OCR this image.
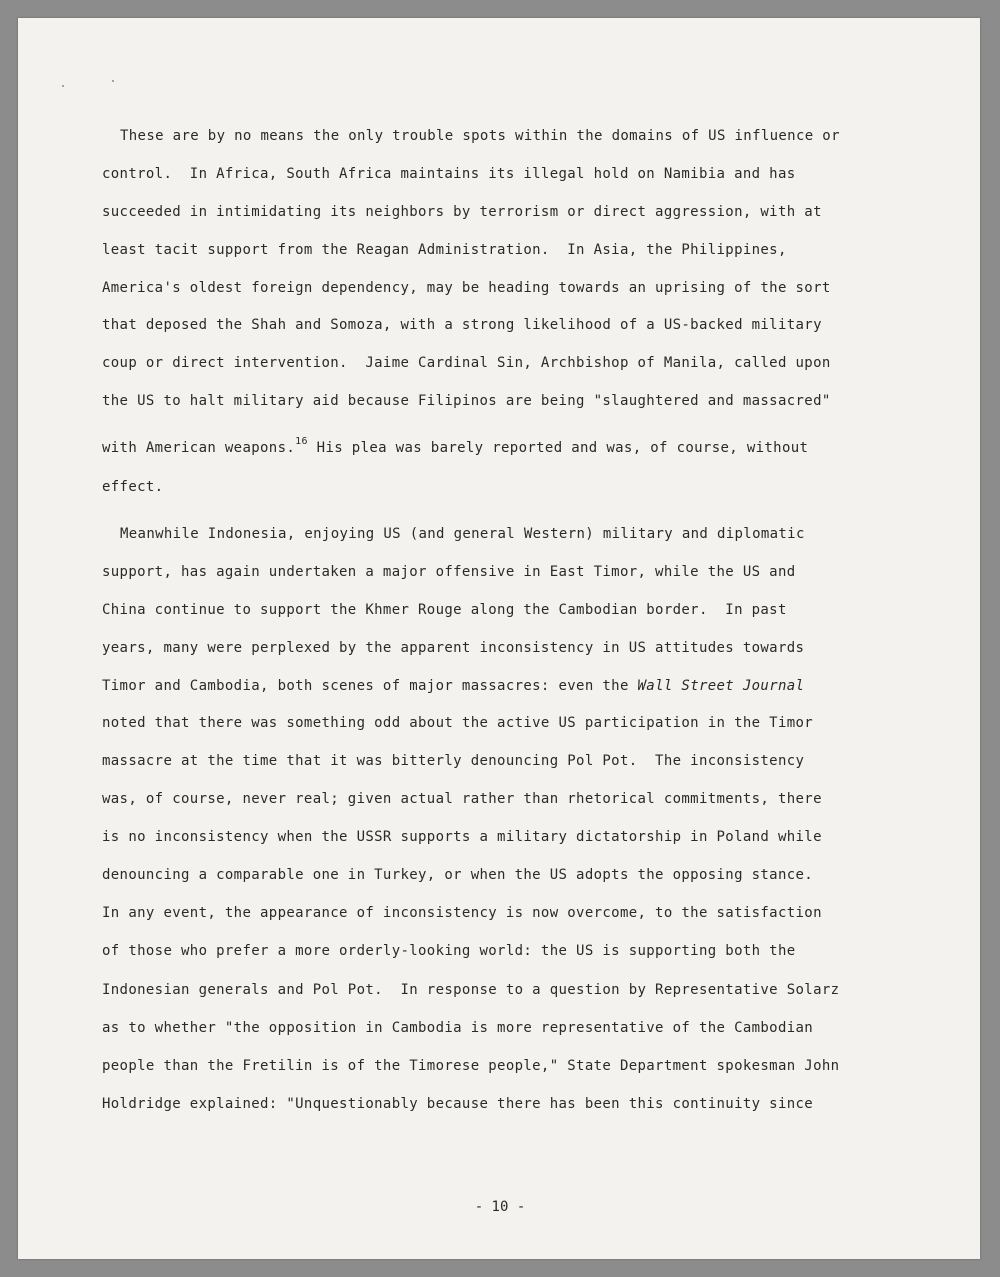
These are by no means the only trouble spots within the domains of US influence or

control.  In Africa, South Africa maintains its illegal hold on Namibia and has

succeeded in intimidating its neighbors by terrorism or direct aggression, with at

least tacit support from the Reagan Administration.  In Asia, the Philippines,

America's oldest foreign dependency, may be heading towards an uprising of the sort

that deposed the Shah and Somoza, with a strong likelihood of a US-backed military

coup or direct intervention.  Jaime Cardinal Sin, Archbishop of Manila, called upon

the US to halt military aid because Filipinos are being "slaughtered and massacred"

with American weapons.$^{16}$ His plea was barely reported and was, of course, without

effect.

Meanwhile Indonesia, enjoying US (and general Western) military and diplomatic

support, has again undertaken a major offensive in East Timor, while the US and

China continue to support the Khmer Rouge along the Cambodian border.  In past

years, many were perplexed by the apparent inconsistency in US attitudes towards

Timor and Cambodia, both scenes of major massacres: even the Wall Street Journal

noted that there was something odd about the active US participation in the Timor

massacre at the time that it was bitterly denouncing Pol Pot.  The inconsistency

was, of course, never real; given actual rather than rhetorical commitments, there

is no inconsistency when the USSR supports a military dictatorship in Poland while

denouncing a comparable one in Turkey, or when the US adopts the opposing stance.

In any event, the appearance of inconsistency is now overcome, to the satisfaction

of those who prefer a more orderly-looking world: the US is supporting both the

Indonesian generals and Pol Pot.  In response to a question by Representative Solarz

as to whether "the opposition in Cambodia is more representative of the Cambodian

people than the Fretilin is of the Timorese people," State Department spokesman John

Holdridge explained: "Unquestionably because there has been this continuity since

- 10 -
